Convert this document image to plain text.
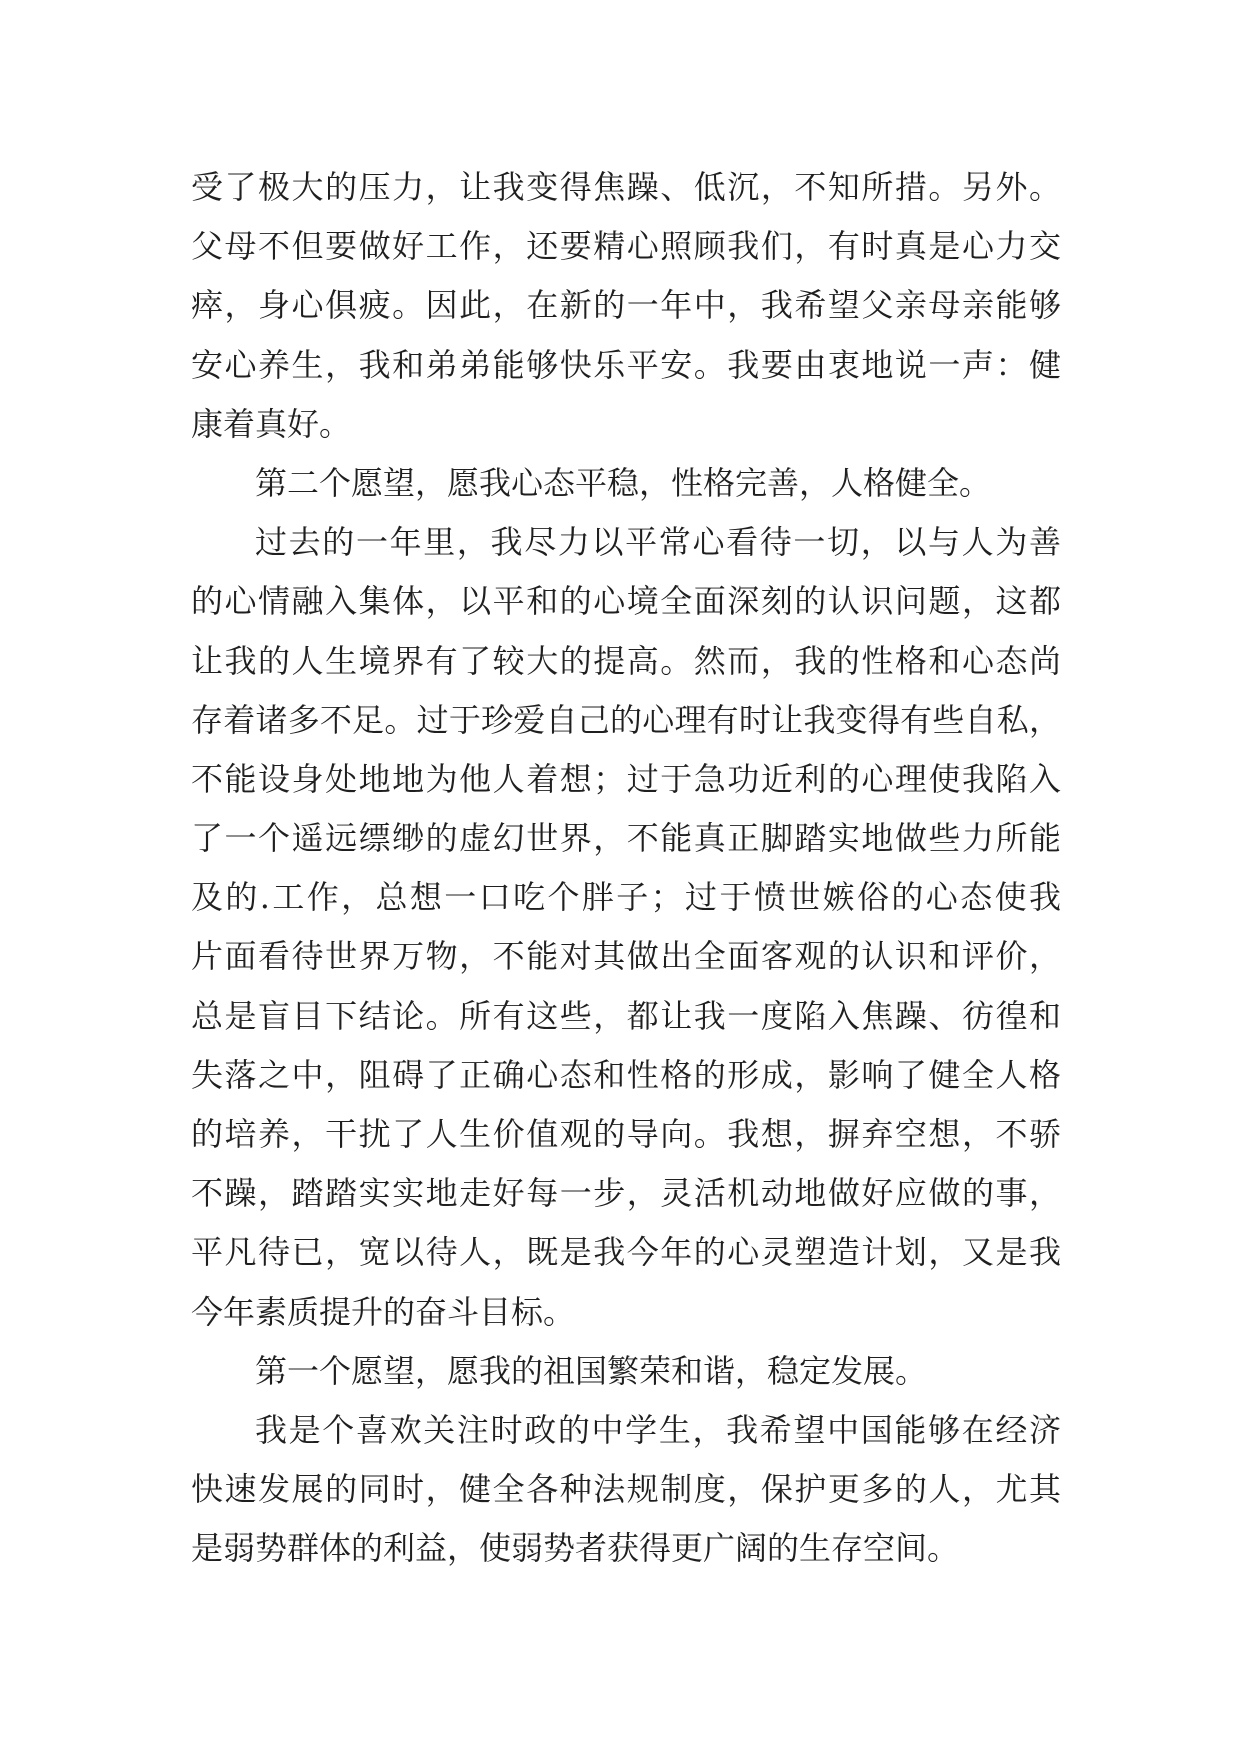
受了极大的压力，让我变得焦躁、低沉，不知所措。另外。
父母不但要做好工作，还要精心照顾我们，有时真是心力交
瘁，身心俱疲。因此，在新的一年中，我希望父亲母亲能够
安心养生，我和弟弟能够快乐平安。我要由衷地说一声：健
康着真好。
第二个愿望，愿我心态平稳，性格完善，人格健全。
过去的一年里，我尽力以平常心看待一切，以与人为善
的心情融入集体，以平和的心境全面深刻的认识问题，这都
让我的人生境界有了较大的提高。然而，我的性格和心态尚
存着诸多不足。过于珍爱自己的心理有时让我变得有些自私，
不能设身处地地为他人着想；过于急功近利的心理使我陷入
了一个遥远缥缈的虚幻世界，不能真正脚踏实地做些力所能
及的.工作，总想一口吃个胖子；过于愤世嫉俗的心态使我
片面看待世界万物，不能对其做出全面客观的认识和评价，
总是盲目下结论。所有这些，都让我一度陷入焦躁、彷徨和
失落之中，阻碍了正确心态和性格的形成，影响了健全人格
的培养，干扰了人生价值观的导向。我想，摒弃空想，不骄
不躁，踏踏实实地走好每一步，灵活机动地做好应做的事，
平凡待已，宽以待人，既是我今年的心灵塑造计划，又是我
今年素质提升的奋斗目标。
第一个愿望，愿我的祖国繁荣和谐，稳定发展。
我是个喜欢关注时政的中学生，我希望中国能够在经济
快速发展的同时，健全各种法规制度，保护更多的人，尤其
是弱势群体的利益，使弱势者获得更广阔的生存空间。
